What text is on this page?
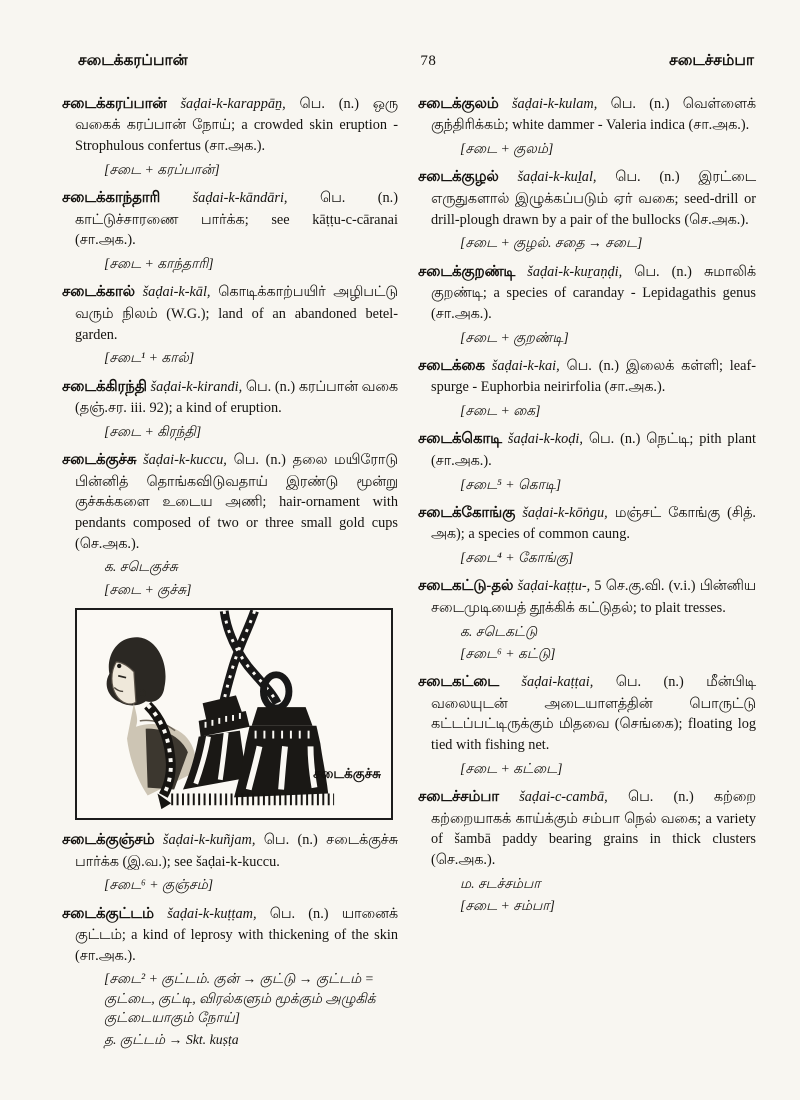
சடைக்கரப்பான்	78	சடைச்சம்பா

சடைக்கரப்பான் šaḍai-k-karappāṉ, பெ. (n.) ஒரு வகைக் கரப்பான் நோய்; a crowded skin eruption - Strophulous confertus (சா.அக.).

[சடை + கரப்பான்]

சடைக்காந்தாரி šaḍai-k-kāndāri, பெ. (n.) காட்டுச்சாரணை பார்க்க; see kāṭṭu-c-cāranai (சா.அக.).

[சடை + காந்தாரி]

சடைக்கால் šaḍai-k-kāl, கொடிக்காற்பயிர் அழிபட்டு வரும் நிலம் (W.G.); land of an abandoned betel-garden.

[சடை¹ + கால்]

சடைக்கிரந்தி šaḍai-k-kirandi, பெ. (n.) கரப்பான் வகை (தஞ்.சர. iii. 92); a kind of eruption.

[சடை + கிரந்தி]

சடைக்குச்சு šaḍai-k-kuccu, பெ. (n.) தலை மயிரோடு பின்னித் தொங்கவிடுவதாய் இரண்டு மூன்று குச்சுக்களை உடைய அணி; hair-ornament with pendants composed of two or three small gold cups (செ.அக.).

க. சடெகுச்சு
[சடை + குச்சு]
சடைக்குச்சு

சடைக்குஞ்சம் šaḍai-k-kuñjam, பெ. (n.) சடைக்குச்சு பார்க்க (இ.வ.); see šaḍai-k-kuccu.

[சடை⁶ + குஞ்சம்]

சடைக்குட்டம் šaḍai-k-kuṭṭam, பெ. (n.) யானைக் குட்டம்; a kind of leprosy with thickening of the skin (சா.அக.).

[சடை² + குட்டம். குன் → குட்டு → குட்டம் = குட்டை, குட்டி, விரல்களும் மூக்கும் அழுகிக் குட்டையாகும் நோய்]
த. குட்டம் → Skt. kuṣṭa

சடைக்குலம் šaḍai-k-kulam, பெ. (n.) வெள்ளைக் குந்திரிக்கம்; white dammer - Valeria indica (சா.அக.).

[சடை + குலம்]

சடைக்குழல் šaḍai-k-kuḻal, பெ. (n.) இரட்டை எருதுகளால் இழுக்கப்படும் ஏர் வகை; seed-drill or drill-plough drawn by a pair of the bullocks (செ.அக.).

[சடை + குழல். சதை → சடை]

சடைக்குறண்டி šaḍai-k-kuṟaṇḍi, பெ. (n.) சுமாலிக் குறண்டி; a species of caranday - Lepidagathis genus (சா.அக.).

[சடை + குறண்டி]

சடைக்கை šaḍai-k-kai, பெ. (n.) இலைக் கள்ளி; leaf-spurge - Euphorbia neirirfolia (சா.அக.).

[சடை + கை]

சடைக்கொடி šaḍai-k-koḍi, பெ. (n.) நெட்டி; pith plant (சா.அக.).

[சடை⁵ + கொடி]

சடைக்கோங்கு šaḍai-k-kōṅgu, மஞ்சட் கோங்கு (சித். அக); a species of common caung.

[சடை⁴ + கோங்கு]

சடைகட்டு-தல் šaḍai-kaṭṭu-, 5 செ.கு.வி. (v.i.) பின்னிய சடைமுடியைத் தூக்கிக் கட்டுதல்; to plait tresses.

க. சடெகட்டு
[சடை⁶ + கட்டு]

சடைகட்டை šaḍai-kaṭṭai, பெ. (n.) மீன்பிடி வலையுடன் அடையாளத்தின் பொருட்டு கட்டப்பட்டிருக்கும் மிதவை (செங்கை); floating log tied with fishing net.

[சடை + கட்டை]

சடைச்சம்பா šaḍai-c-cambā, பெ. (n.) கற்றை கற்றையாகக் காய்க்கும் சம்பா நெல் வகை; a variety of šambā paddy bearing grains in thick clusters (செ.அக.).

ம. சடச்சம்பா
[சடை + சம்பா]
